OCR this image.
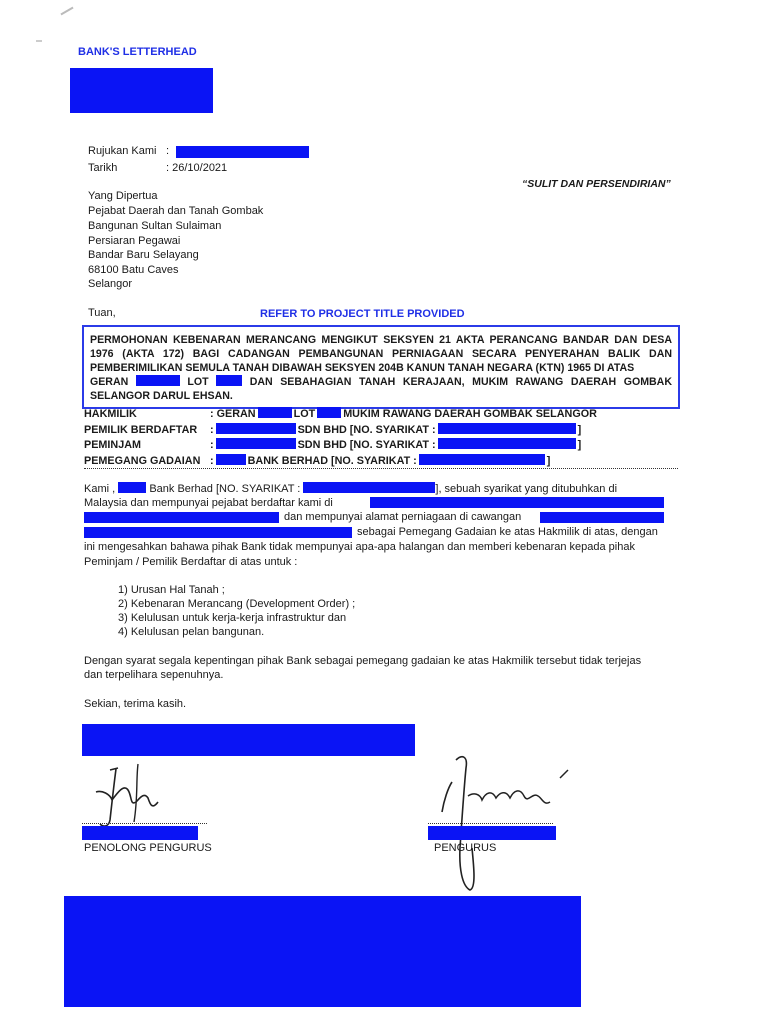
BANK'S LETTERHEAD
Rujukan Kami :
Tarikh	: 26/10/2021
“SULIT DAN PERSENDIRIAN”
Yang Dipertua
Pejabat Daerah dan Tanah Gombak
Bangunan Sultan Sulaiman
Persiaran Pegawai
Bandar Baru Selayang
68100 Batu Caves
Selangor
Tuan,	REFER TO PROJECT TITLE PROVIDED

PERMOHONAN KEBENARAN MERANCANG MENGIKUT SEKSYEN 21 AKTA PERANCANG BANDAR DAN DESA 1976 (AKTA 172) BAGI CADANGAN PEMBANGUNAN PERNIAGAAN SECARA PENYERAHAN BALIK DAN PEMBERIMILIKAN SEMULA TANAH DIBAWAH SEKSYEN 204B KANUN TANAH NEGARA (KTN) 1965 DI ATAS
GERAN	LOT	DAN SEBAHAGIAN TANAH KERAJAAN, MUKIM RAWANG DAERAH GOMBAK SELANGOR DARUL EHSAN.

HAKMILIK	: GERAN	LOT	MUKIM RAWANG DAERAH GOMBAK SELANGOR
PEMILIK BERDAFTAR :	SDN BHD [NO. SYARIKAT :	]
PEMINJAM	:	SDN BHD [NO. SYARIKAT :	]
PEMEGANG GADAIAN :	BANK BERHAD [NO. SYARIKAT :	]
Kami ,	Bank Berhad [NO. SYARIKAT :	], sebuah syarikat yang ditubuhkan di
Malaysia dan mempunyai pejabat berdaftar kami di
dan mempunyai alamat perniagaan di cawangan
sebagai Pemegang Gadaian ke atas Hakmilik di atas, dengan
ini mengesahkan bahawa pihak Bank tidak mempunyai apa-apa halangan dan memberi kebenaran kepada pihak
Peminjam / Pemilik Berdaftar di atas untuk :
1) Urusan Hal Tanah ;
2) Kebenaran Merancang (Development Order) ;
3) Kelulusan untuk kerja-kerja infrastruktur dan
4) Kelulusan pelan bangunan.
Dengan syarat segala kepentingan pihak Bank sebagai pemegang gadaian ke atas Hakmilik tersebut tidak terjejas
dan terpelihara sepenuhnya.
Sekian, terima kasih.
PENOLONG PENGURUS	PENGURUS
